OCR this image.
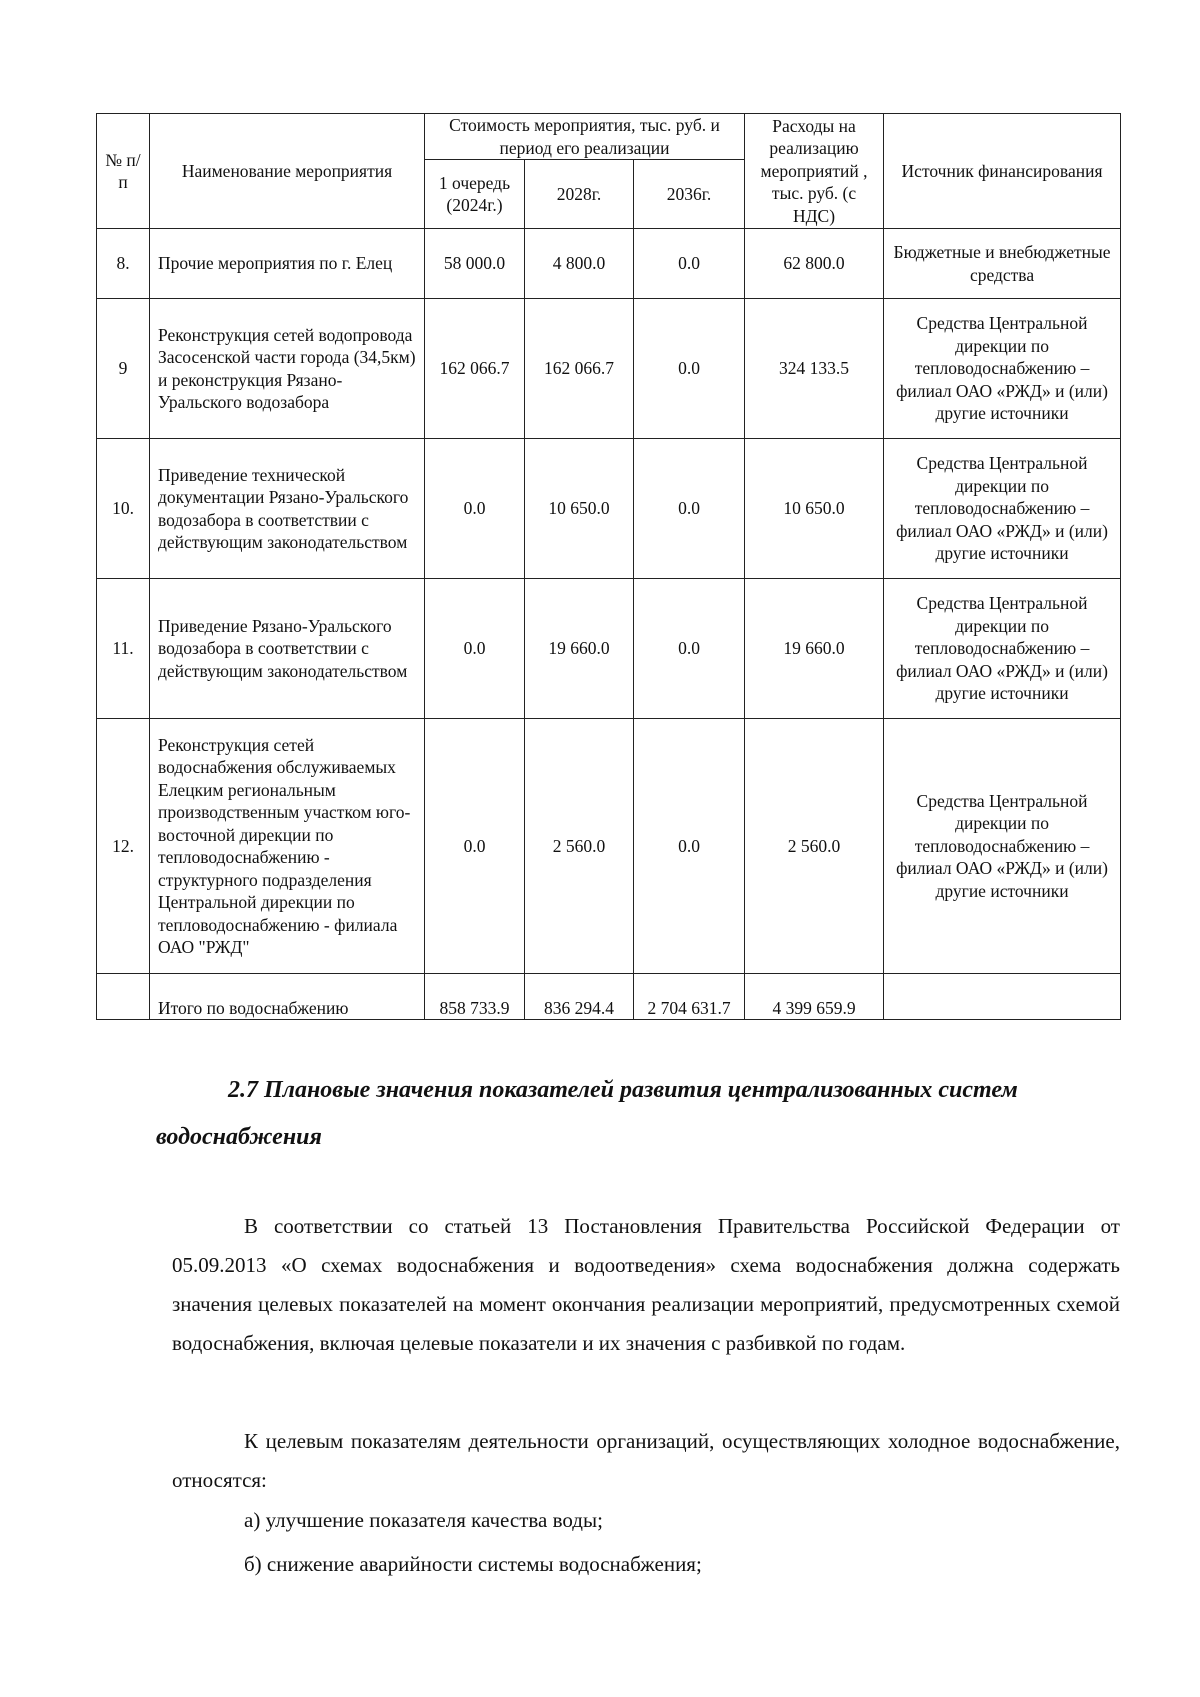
№ п/п	Наименование мероприятия	Стоимость мероприятия, тыс. руб. и период его реализации			Расходы на реализацию мероприятий , тыс. руб. (с НДС)	Источник финансирования
		1 очередь (2024г.)	2028г.	2036г.		
8.	Прочие мероприятия по г. Елец	58 000.0	4 800.0	0.0	62 800.0	Бюджетные и внебюджетные средства
9	Реконструкция сетей водопровода Засосенской части города (34,5км) и реконструкция Рязано-Уральского водозабора	162 066.7	162 066.7	0.0	324 133.5	Средства Центральной дирекции по тепловодоснабжению – филиал ОАО «РЖД» и (или) другие источники
10.	Приведение технической документации Рязано-Уральского водозабора в соответствии с действующим законодательством	0.0	10 650.0	0.0	10 650.0	Средства Центральной дирекции по тепловодоснабжению – филиал ОАО «РЖД» и (или) другие источники
11.	Приведение Рязано-Уральского водозабора в соответствии с действующим законодательством	0.0	19 660.0	0.0	19 660.0	Средства Центральной дирекции по тепловодоснабжению – филиал ОАО «РЖД» и (или) другие источники
12.	Реконструкция сетей водоснабжения обслуживаемых Елецким региональным производственным участком юго-восточной дирекции по тепловодоснабжению - структурного подразделения Центральной дирекции по тепловодоснабжению - филиала ОАО "РЖД"	0.0	2 560.0	0.0	2 560.0	Средства Центральной дирекции по тепловодоснабжению – филиал ОАО «РЖД» и (или) другие источники
	Итого по водоснабжению	858 733.9	836 294.4	2 704 631.7	4 399 659.9	
2.7 Плановые значения показателей развития централизованных систем водоснабжения

В соответствии со статьей 13 Постановления Правительства Российской Федерации от 05.09.2013 «О схемах водоснабжения и водоотведения» схема водоснабжения должна содержать значения целевых показателей на момент окончания реализации мероприятий, предусмотренных схемой водоснабжения, включая целевые показатели и их значения с разбивкой по годам.

К целевым показателям деятельности организаций, осуществляющих холодное водоснабжение, относятся:

а) улучшение показателя качества воды;

б) снижение аварийности системы водоснабжения;
